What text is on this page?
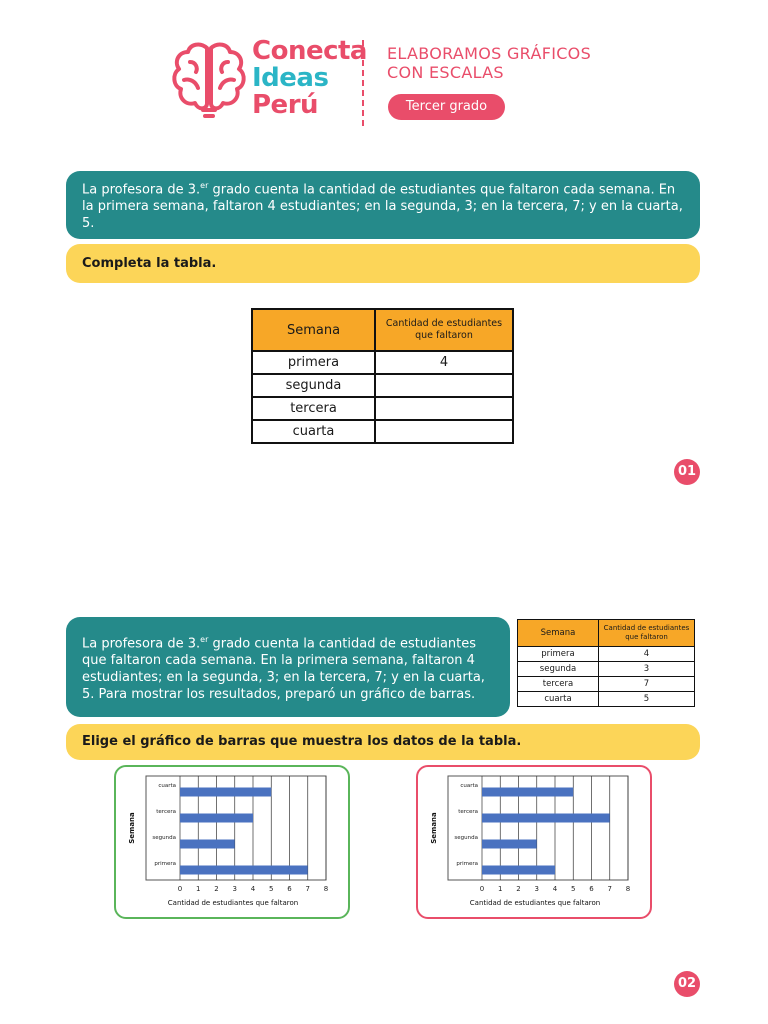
Conecta
Ideas
Perú
ELABORAMOS GRÁFICOS
CON ESCALAS
Tercer grado
La profesora de 3.$^{er}$ grado cuenta la cantidad de estudiantes que faltaron cada semana. En la primera semana, faltaron 4 estudiantes; en la segunda, 3; en la tercera, 7; y en la cuarta, 5.
Completa la tabla.
Semana	Cantidad de estudiantes que faltaron
primera	4
segunda	
tercera	
cuarta	
01
La profesora de 3.$^{er}$ grado cuenta la cantidad de estudiantes que faltaron cada semana. En la primera semana, faltaron 4 estudiantes; en la segunda, 3; en la tercera, 7; y en la cuarta, 5. Para mostrar los resultados, preparó un gráfico de barras.
Semana	Cantidad de estudiantes que faltaron
primera	4
segunda	3
tercera	7
cuarta	5
Elige el gráfico de barras que muestra los datos de la tabla.
0 1 2 3 4 5 6 7 8
primera
segunda
tercera
cuarta
Cantidad de estudiantes que faltaron
Semana
0 1 2 3 4 5 6 7 8
primera
segunda
tercera
cuarta
Cantidad de estudiantes que faltaron
Semana
02
